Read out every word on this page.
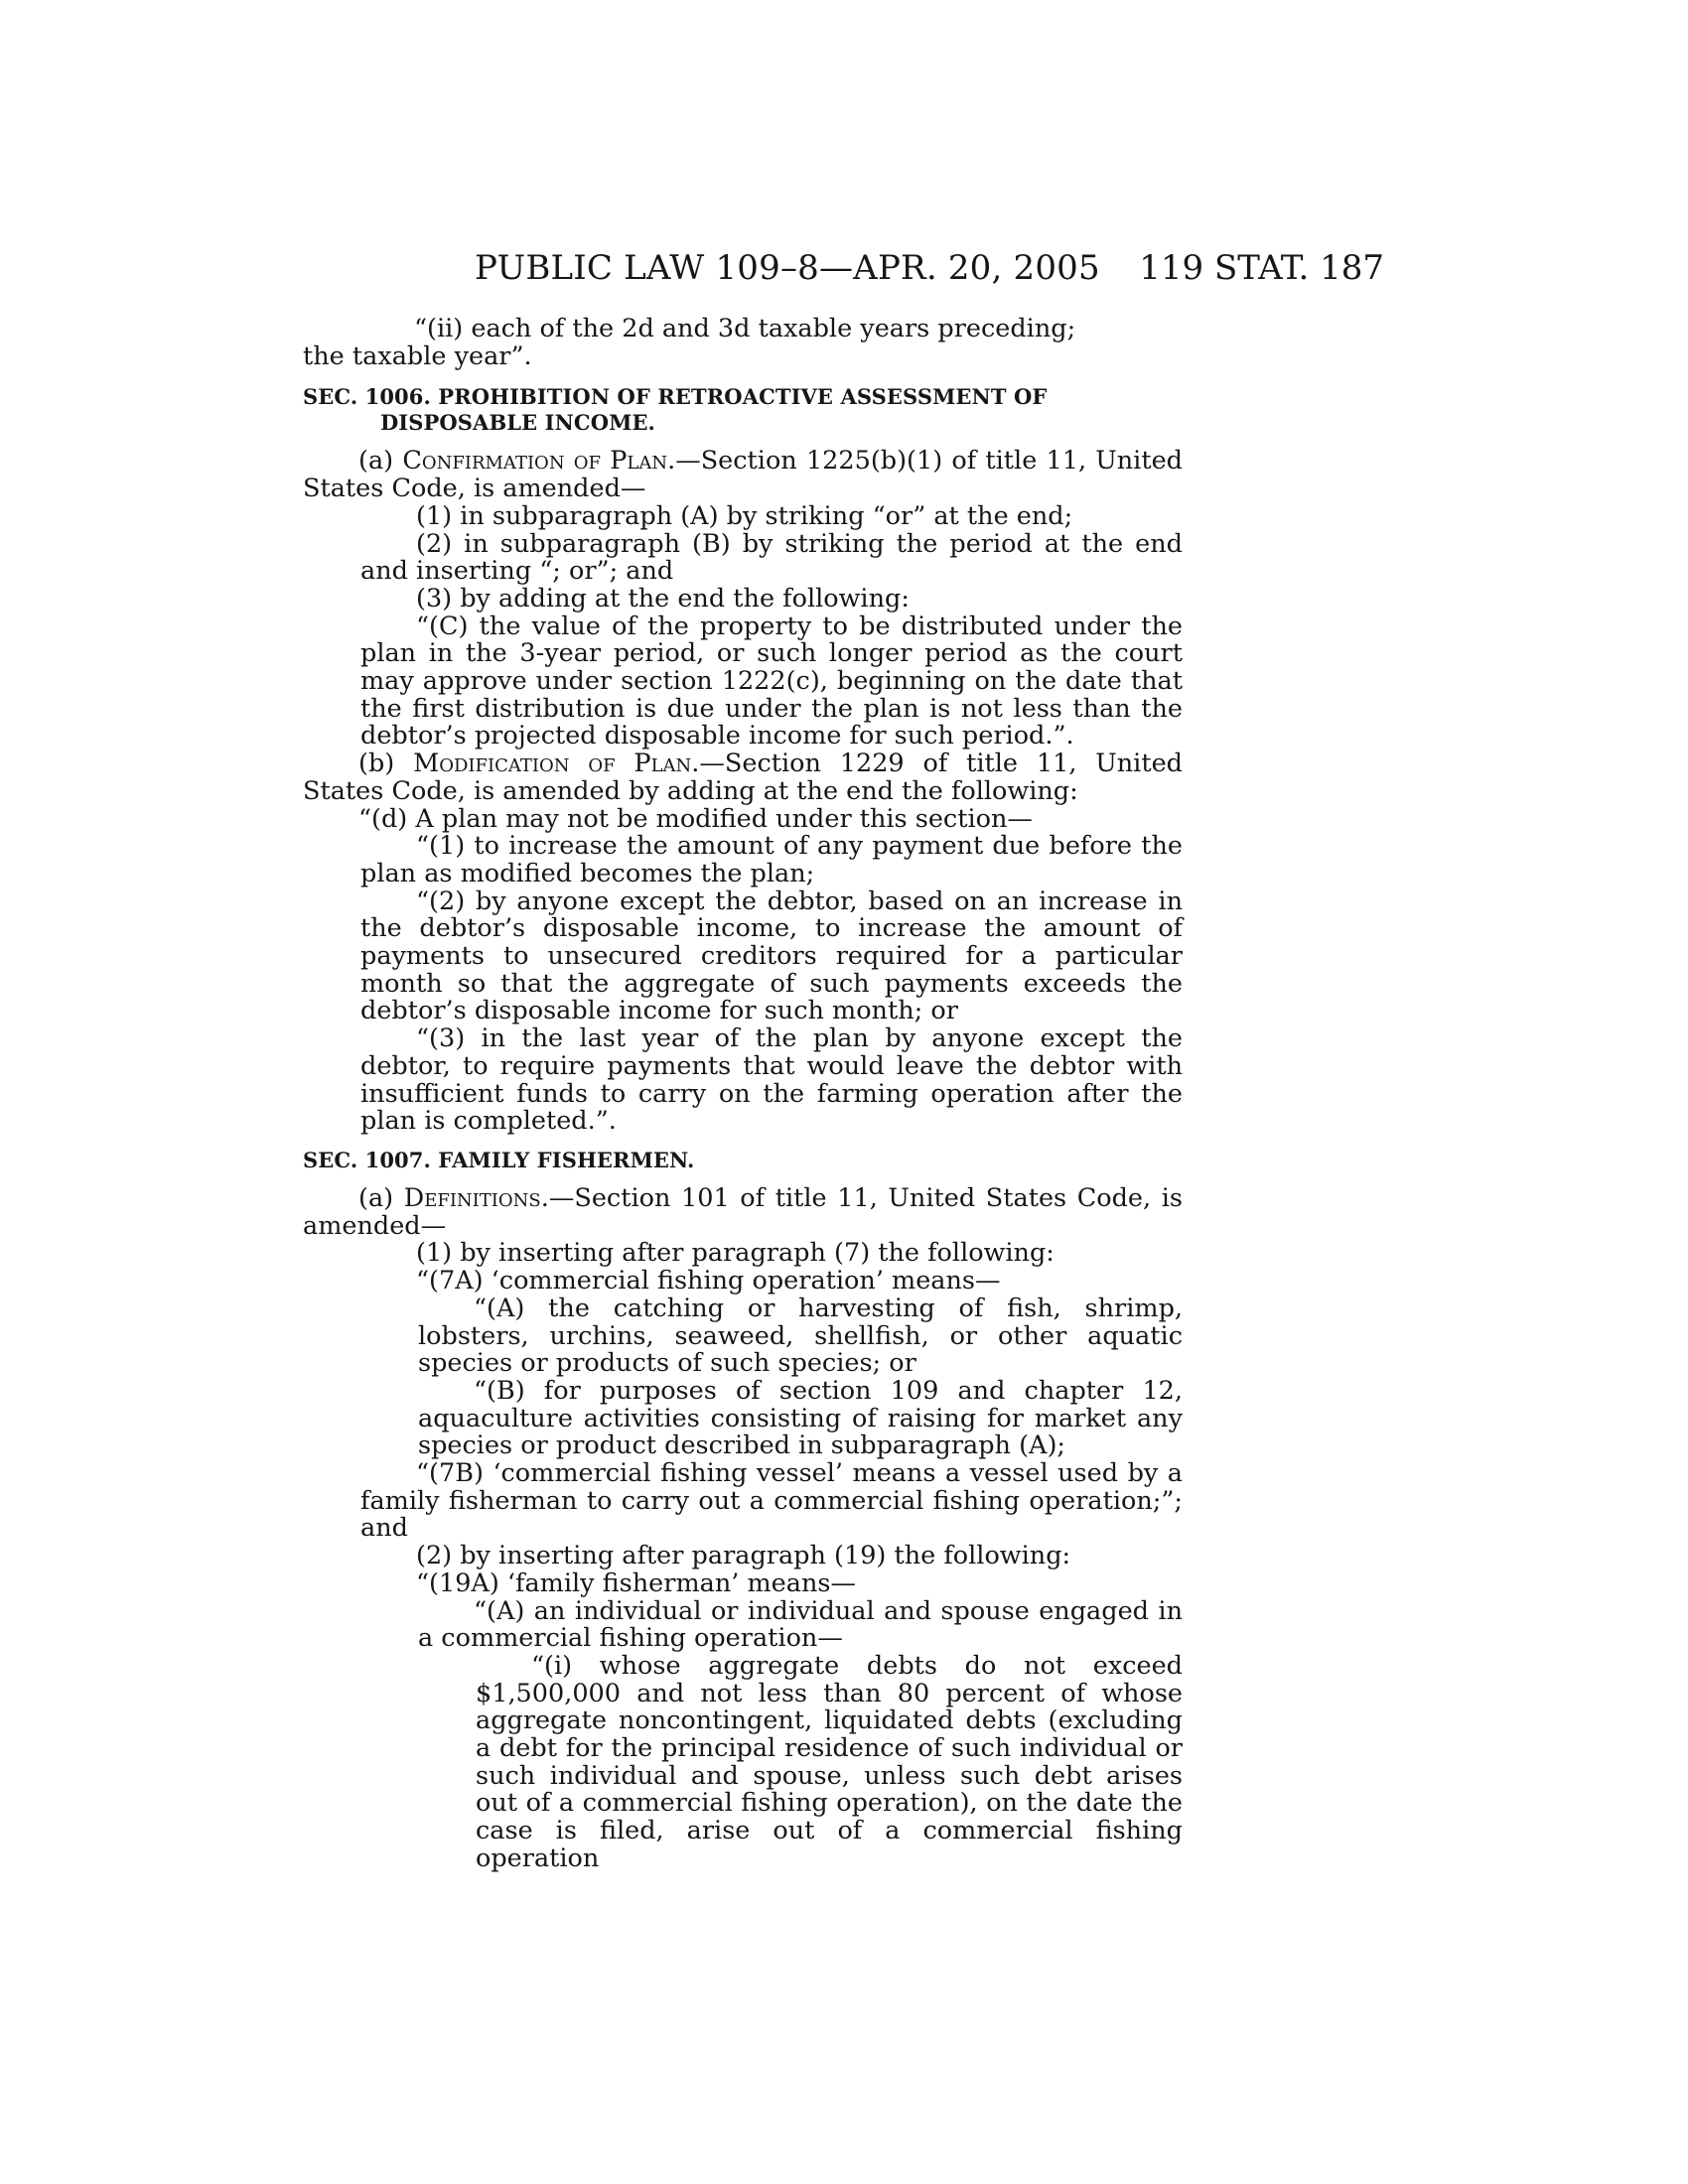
PUBLIC LAW 109–8—APR. 20, 2005 119 STAT. 187

“(ii) each of the 2d and 3d taxable years preceding;

the taxable year”.

SEC. 1006. PROHIBITION OF RETROACTIVE ASSESSMENT OF DISPOSABLE INCOME.

(a) Confirmation of Plan.—Section 1225(b)(1) of title 11, United States Code, is amended—

(1) in subparagraph (A) by striking “or” at the end;

(2) in subparagraph (B) by striking the period at the end and inserting “; or”; and

(3) by adding at the end the following:

“(C) the value of the property to be distributed under the plan in the 3-year period, or such longer period as the court may approve under section 1222(c), beginning on the date that the first distribution is due under the plan is not less than the debtor’s projected disposable income for such period.”.

(b) Modification of Plan.—Section 1229 of title 11, United States Code, is amended by adding at the end the following:

“(d) A plan may not be modified under this section—

“(1) to increase the amount of any payment due before the plan as modified becomes the plan;

“(2) by anyone except the debtor, based on an increase in the debtor’s disposable income, to increase the amount of payments to unsecured creditors required for a particular month so that the aggregate of such payments exceeds the debtor’s disposable income for such month; or

“(3) in the last year of the plan by anyone except the debtor, to require payments that would leave the debtor with insufficient funds to carry on the farming operation after the plan is completed.”.

SEC. 1007. FAMILY FISHERMEN.

(a) Definitions.—Section 101 of title 11, United States Code, is amended—

(1) by inserting after paragraph (7) the following:

“(7A) ‘commercial fishing operation’ means—

“(A) the catching or harvesting of fish, shrimp, lobsters, urchins, seaweed, shellfish, or other aquatic species or products of such species; or

“(B) for purposes of section 109 and chapter 12, aquaculture activities consisting of raising for market any species or product described in subparagraph (A);

“(7B) ‘commercial fishing vessel’ means a vessel used by a family fisherman to carry out a commercial fishing operation;”; and

(2) by inserting after paragraph (19) the following:

“(19A) ‘family fisherman’ means—

“(A) an individual or individual and spouse engaged in a commercial fishing operation—

“(i) whose aggregate debts do not exceed $1,500,000 and not less than 80 percent of whose aggregate noncontingent, liquidated debts (excluding a debt for the principal residence of such individual or such individual and spouse, unless such debt arises out of a commercial fishing operation), on the date the case is filed, arise out of a commercial fishing operation
